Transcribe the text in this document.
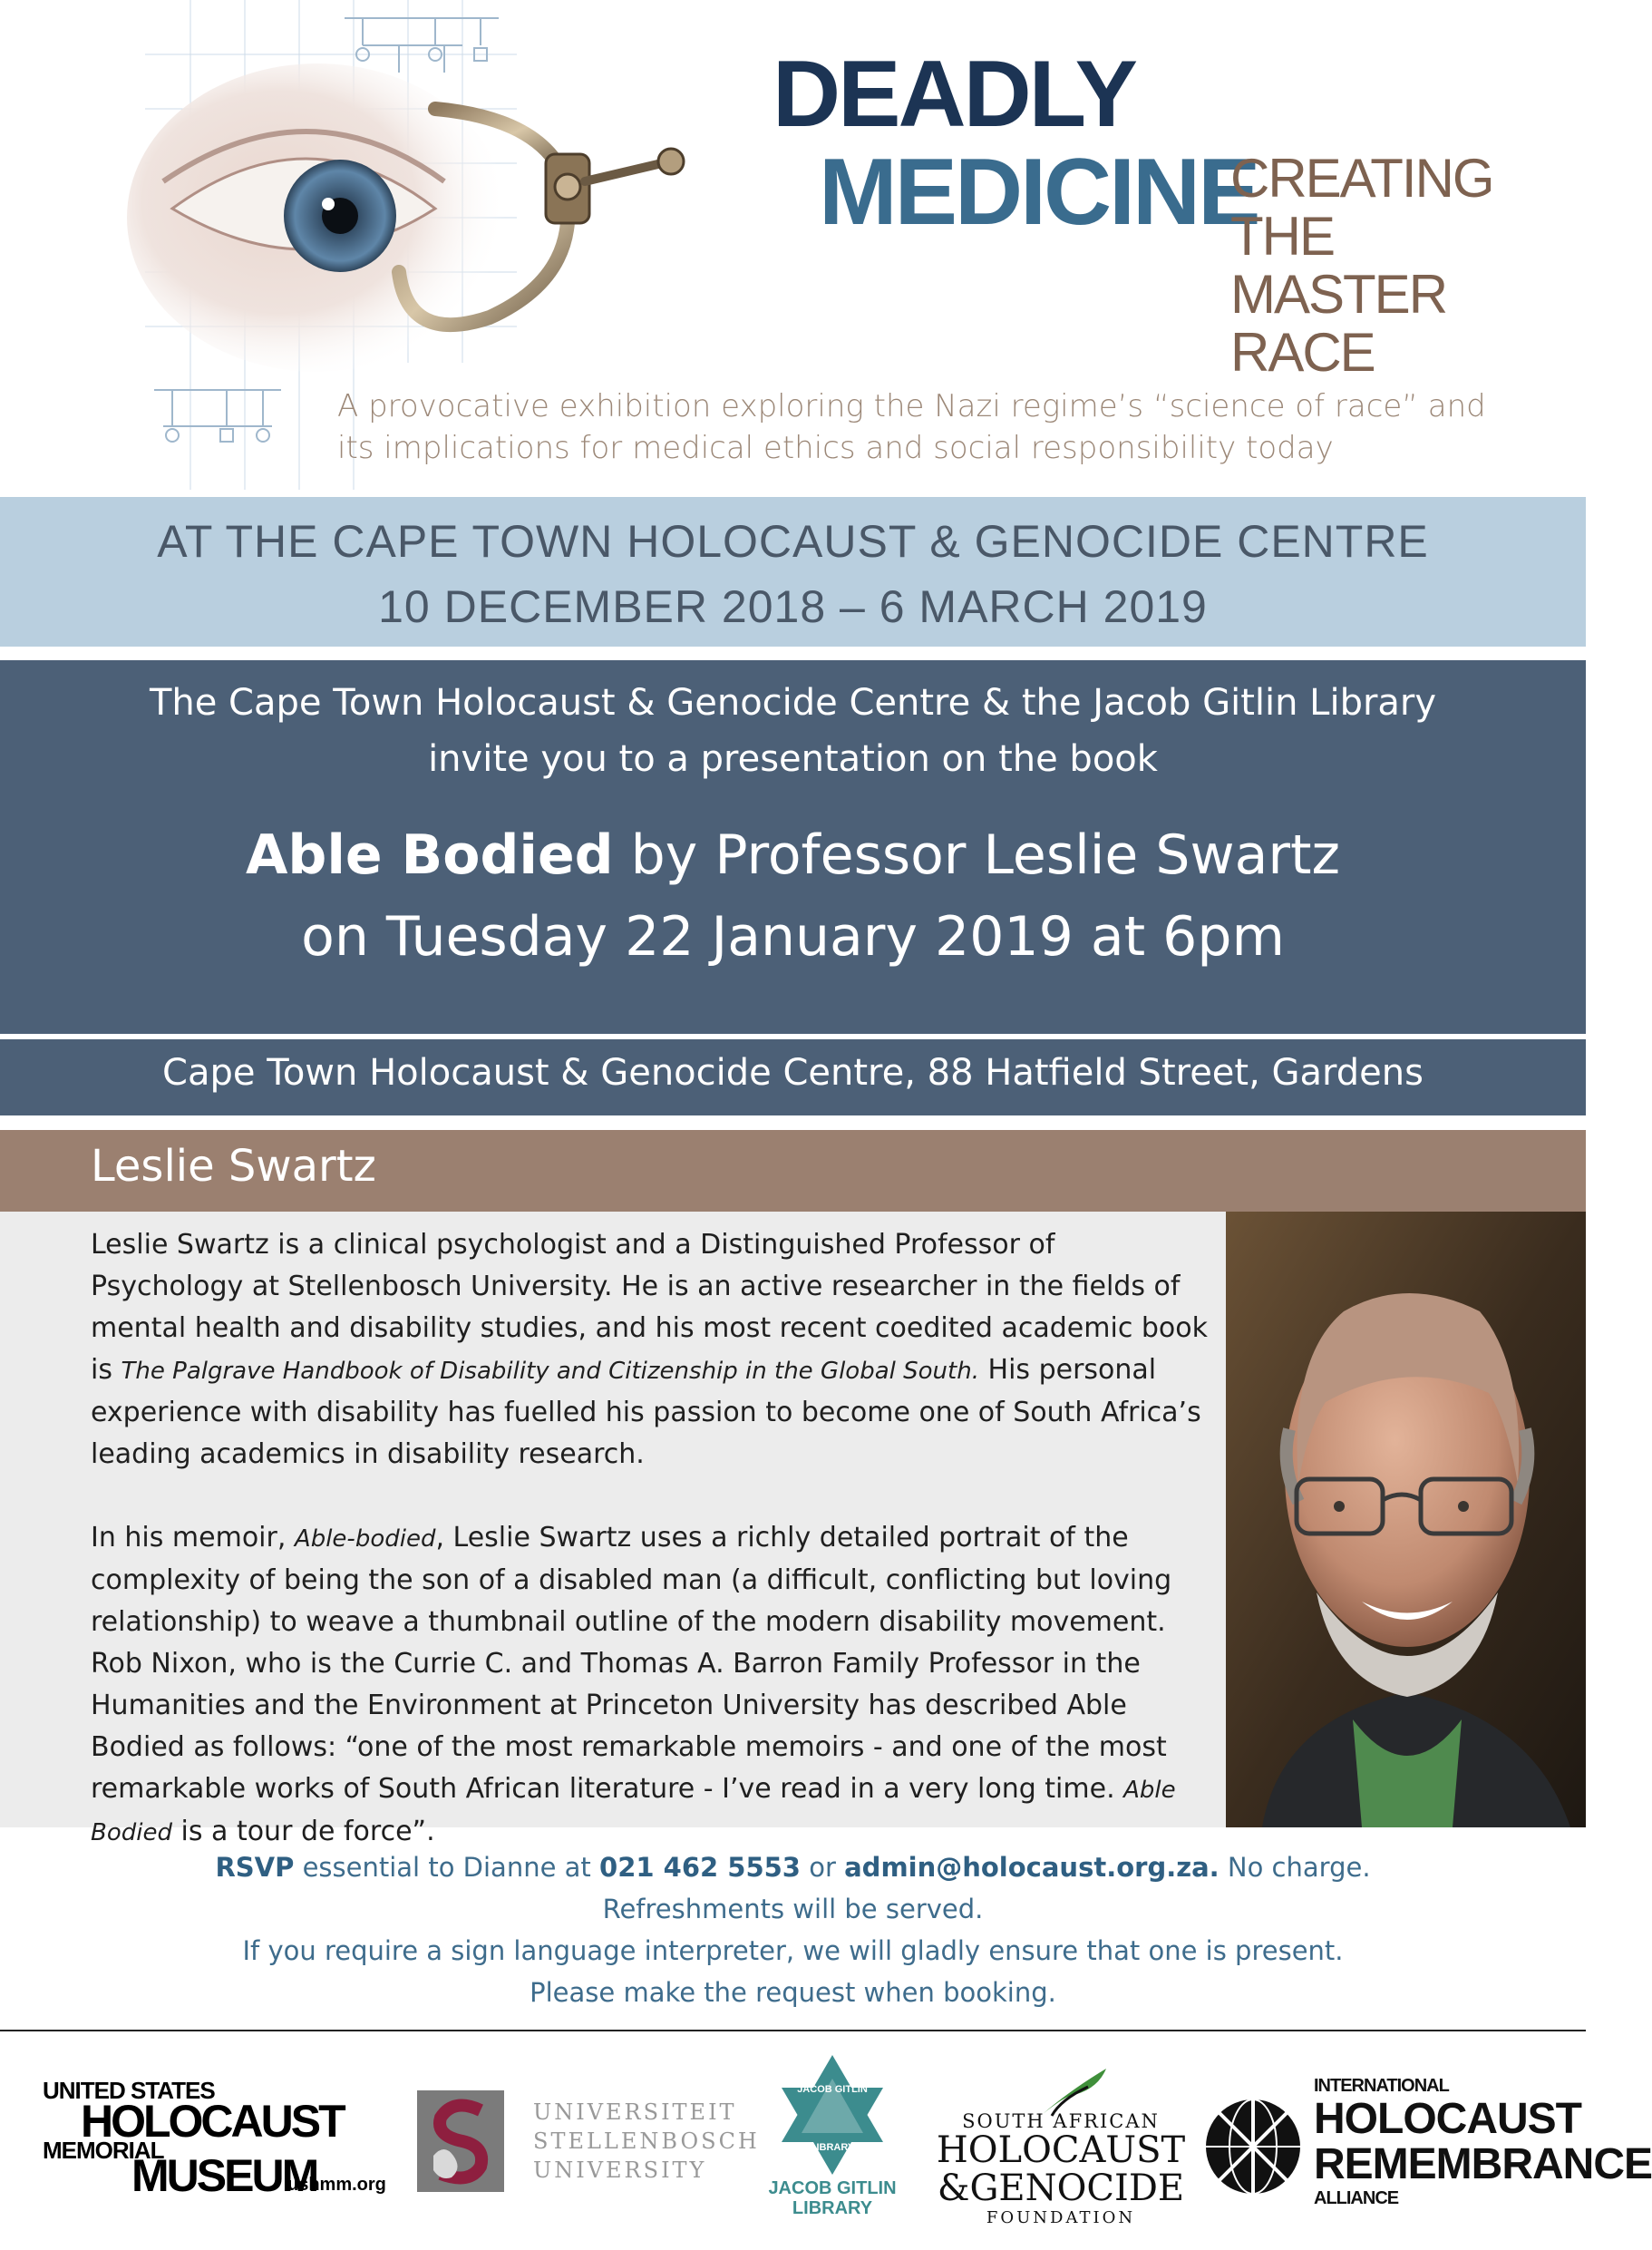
DEADLY
MEDICINE
CREATING
THE
MASTER
RACE
A provocative exhibition exploring the Nazi regime’s “science of race” and
its implications for medical ethics and social responsibility today
AT THE CAPE TOWN HOLOCAUST & GENOCIDE CENTRE
10 DECEMBER 2018 – 6 MARCH 2019
The Cape Town Holocaust & Genocide Centre & the Jacob Gitlin Library
invite you to a presentation on the book
Able Bodied by Professor Leslie Swartz
on Tuesday 22 January 2019 at 6pm
Cape Town Holocaust & Genocide Centre, 88 Hatfield Street, Gardens
Leslie Swartz

Leslie Swartz is a clinical psychologist and a Distinguished Professor of Psychology at Stellenbosch University. He is an active researcher in the fields of mental health and disability studies, and his most recent coedited academic book is The Palgrave Handbook of Disability and Citizenship in the Global South. His personal experience with disability has fuelled his passion to become one of South Africa’s leading academics in disability research.

In his memoir, Able-bodied, Leslie Swartz uses a richly detailed portrait of the complexity of being the son of a disabled man (a difficult, conflicting but loving relationship) to weave a thumbnail outline of the modern disability movement. Rob Nixon, who is the Currie C. and Thomas A. Barron Family Professor in the Humanities and the Environment at Princeton University has described Able Bodied as follows: “one of the most remarkable memoirs - and one of the most remarkable works of South African literature - I’ve read in a very long time. Able Bodied is a tour de force”.

RSVP essential to Dianne at 021 462 5553 or admin@holocaust.org.za. No charge.
Refreshments will be served.
If you require a sign language interpreter, we will gladly ensure that one is present.
Please make the request when booking.
UNITED STATES
HOLOCAUST
MEMORIAL
MUSEUM
ushmm.org
UNIVERSITEIT
STELLENBOSCH
UNIVERSITY
JACOB GITLIN
LIBRARY
JACOB GITLIN
LIBRARY
SOUTH AFRICAN
HOLOCAUST
&GENOCIDE
FOUNDATION
INTERNATIONAL
HOLOCAUST
REMEMBRANCE
ALLIANCE
